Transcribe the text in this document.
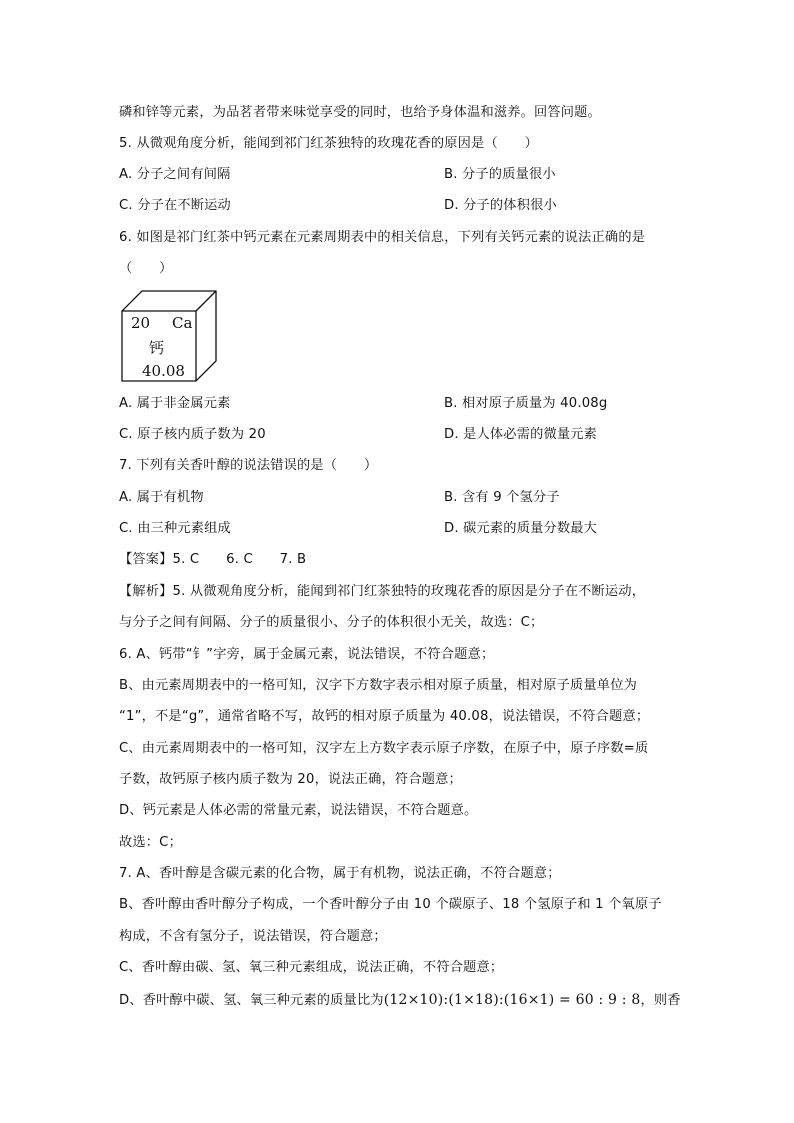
磷和锌等元素，为品茗者带来味觉享受的同时，也给予身体温和滋养。回答问题。
5. 从微观角度分析，能闻到祁门红茶独特的玫瑰花香的原因是（　　）
A. 分子之间有间隔	B. 分子的质量很小
C. 分子在不断运动	D. 分子的体积很小
6. 如图是祁门红茶中钙元素在元素周期表中的相关信息，下列有关钙元素的说法正确的是
（　　）
20 Ca
钙
40.08
A. 属于非金属元素	B. 相对原子质量为 40.08g
C. 原子核内质子数为 20	D. 是人体必需的微量元素
7. 下列有关香叶醇的说法错误的是（　　）
A. 属于有机物	B. 含有 9 个氢分子
C. 由三种元素组成	D. 碳元素的质量分数最大
【答案】5. C　　6. C　　7. B
【解析】5. 从微观角度分析，能闻到祁门红茶独特的玫瑰花香的原因是分子在不断运动，
与分子之间有间隔、分子的质量很小、分子的体积很小无关，故选：C；
6. A、钙带“钅”字旁，属于金属元素，说法错误，不符合题意；
B、由元素周期表中的一格可知，汉字下方数字表示相对原子质量，相对原子质量单位为
“1”，不是“g”，通常省略不写，故钙的相对原子质量为 40.08，说法错误，不符合题意；
C、由元素周期表中的一格可知，汉字左上方数字表示原子序数，在原子中，原子序数=质
子数，故钙原子核内质子数为 20，说法正确，符合题意；
D、钙元素是人体必需的常量元素，说法错误，不符合题意。
故选：C；
7. A、香叶醇是含碳元素的化合物，属于有机物，说法正确，不符合题意；
B、香叶醇由香叶醇分子构成，一个香叶醇分子由 10 个碳原子、18 个氢原子和 1 个氧原子
构成，不含有氢分子，说法错误，符合题意；
C、香叶醇由碳、氢、氧三种元素组成，说法正确，不符合题意；
D、香叶醇中碳、氢、氧三种元素的质量比为(12×10):(1×18):(16×1) = 60 : 9 : 8，则香
